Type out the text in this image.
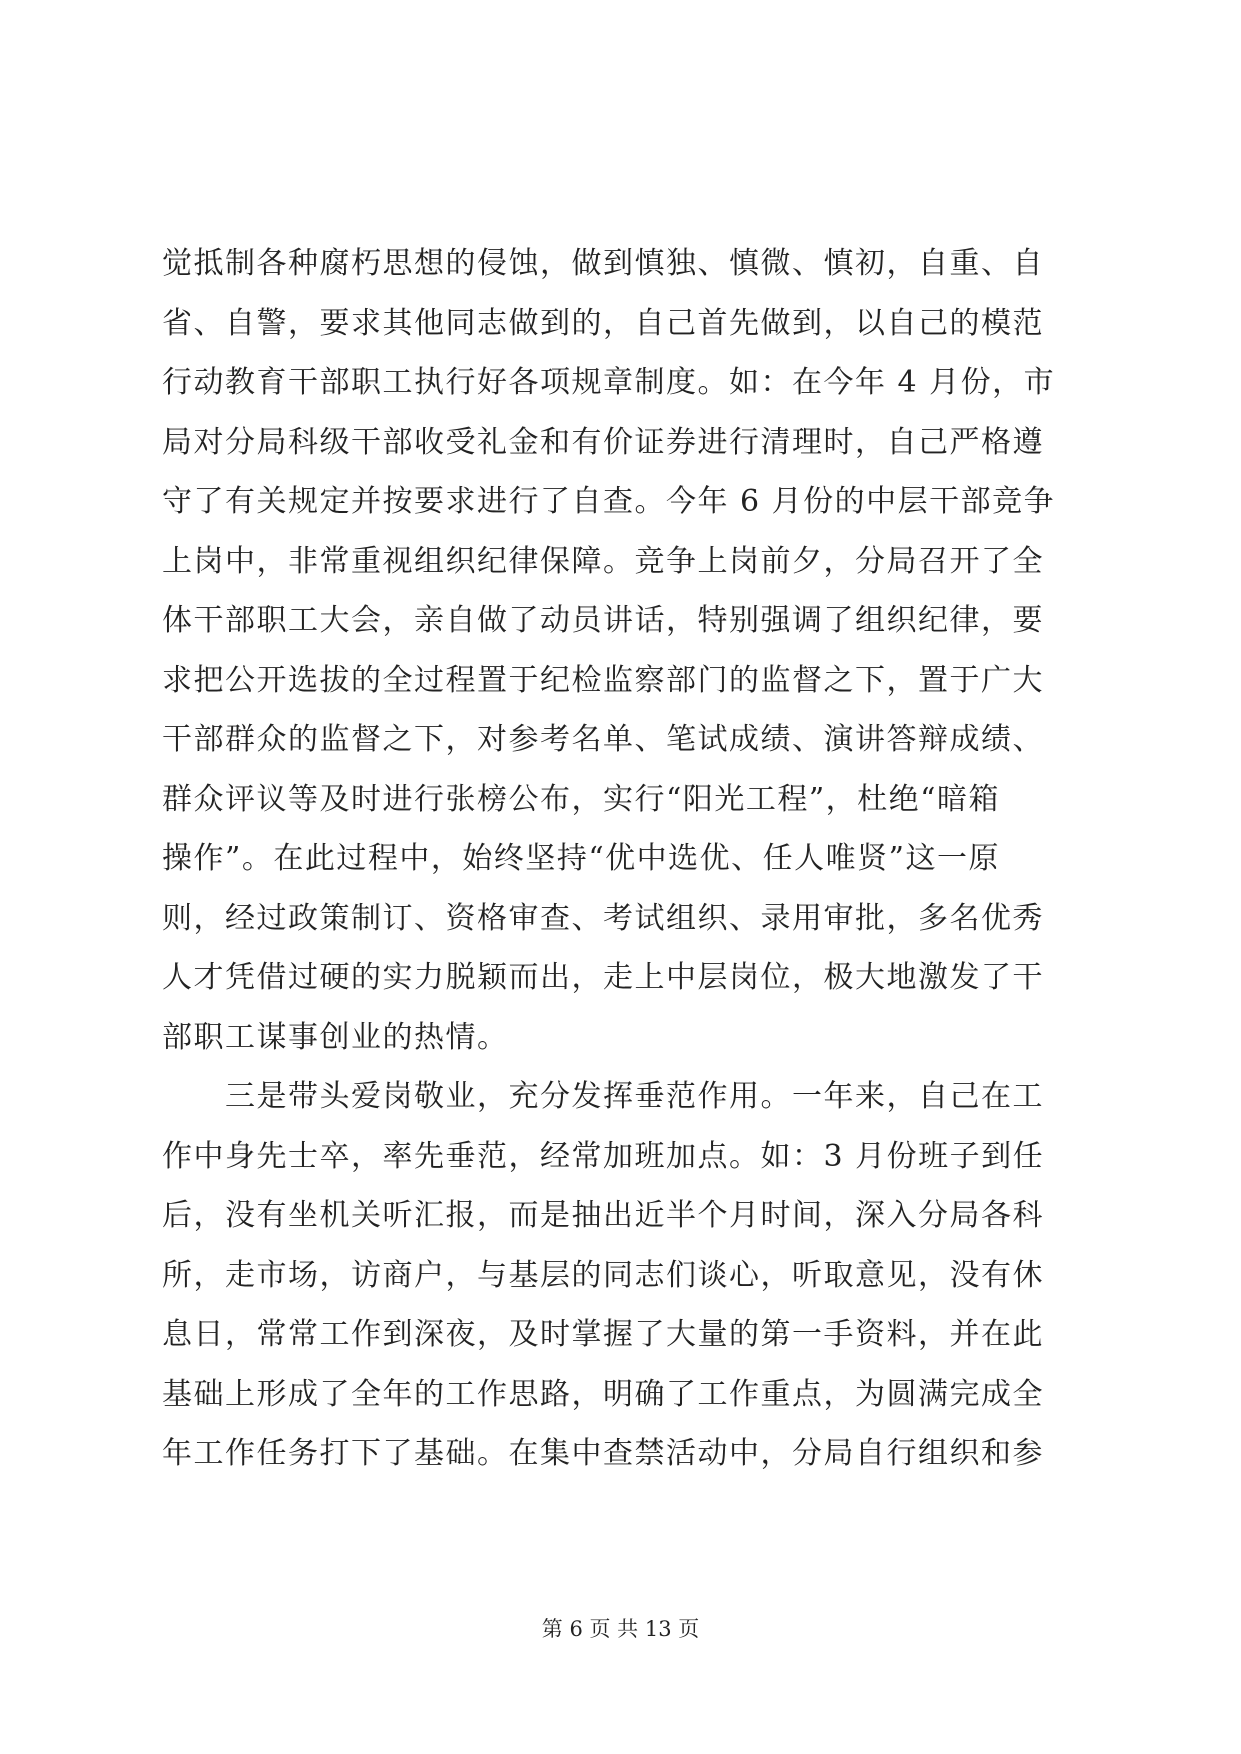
觉抵制各种腐朽思想的侵蚀，做到慎独、慎微、慎初，自重、自
省、自警，要求其他同志做到的，自己首先做到，以自己的模范
行动教育干部职工执行好各项规章制度。如：在今年 4 月份，市
局对分局科级干部收受礼金和有价证券进行清理时，自己严格遵
守了有关规定并按要求进行了自查。今年 6 月份的中层干部竞争
上岗中，非常重视组织纪律保障。竞争上岗前夕，分局召开了全
体干部职工大会，亲自做了动员讲话，特别强调了组织纪律，要
求把公开选拔的全过程置于纪检监察部门的监督之下，置于广大
干部群众的监督之下，对参考名单、笔试成绩、演讲答辩成绩、
群众评议等及时进行张榜公布，实行“阳光工程”，杜绝“暗箱
操作”。在此过程中，始终坚持“优中选优、任人唯贤”这一原
则，经过政策制订、资格审查、考试组织、录用审批，多名优秀
人才凭借过硬的实力脱颖而出，走上中层岗位，极大地激发了干
部职工谋事创业的热情。
　　三是带头爱岗敬业，充分发挥垂范作用。一年来，自己在工
作中身先士卒，率先垂范，经常加班加点。如：3 月份班子到任
后，没有坐机关听汇报，而是抽出近半个月时间，深入分局各科
所，走市场，访商户，与基层的同志们谈心，听取意见，没有休
息日，常常工作到深夜，及时掌握了大量的第一手资料，并在此
基础上形成了全年的工作思路，明确了工作重点，为圆满完成全
年工作任务打下了基础。在集中查禁活动中，分局自行组织和参
第 6 页 共 13 页
